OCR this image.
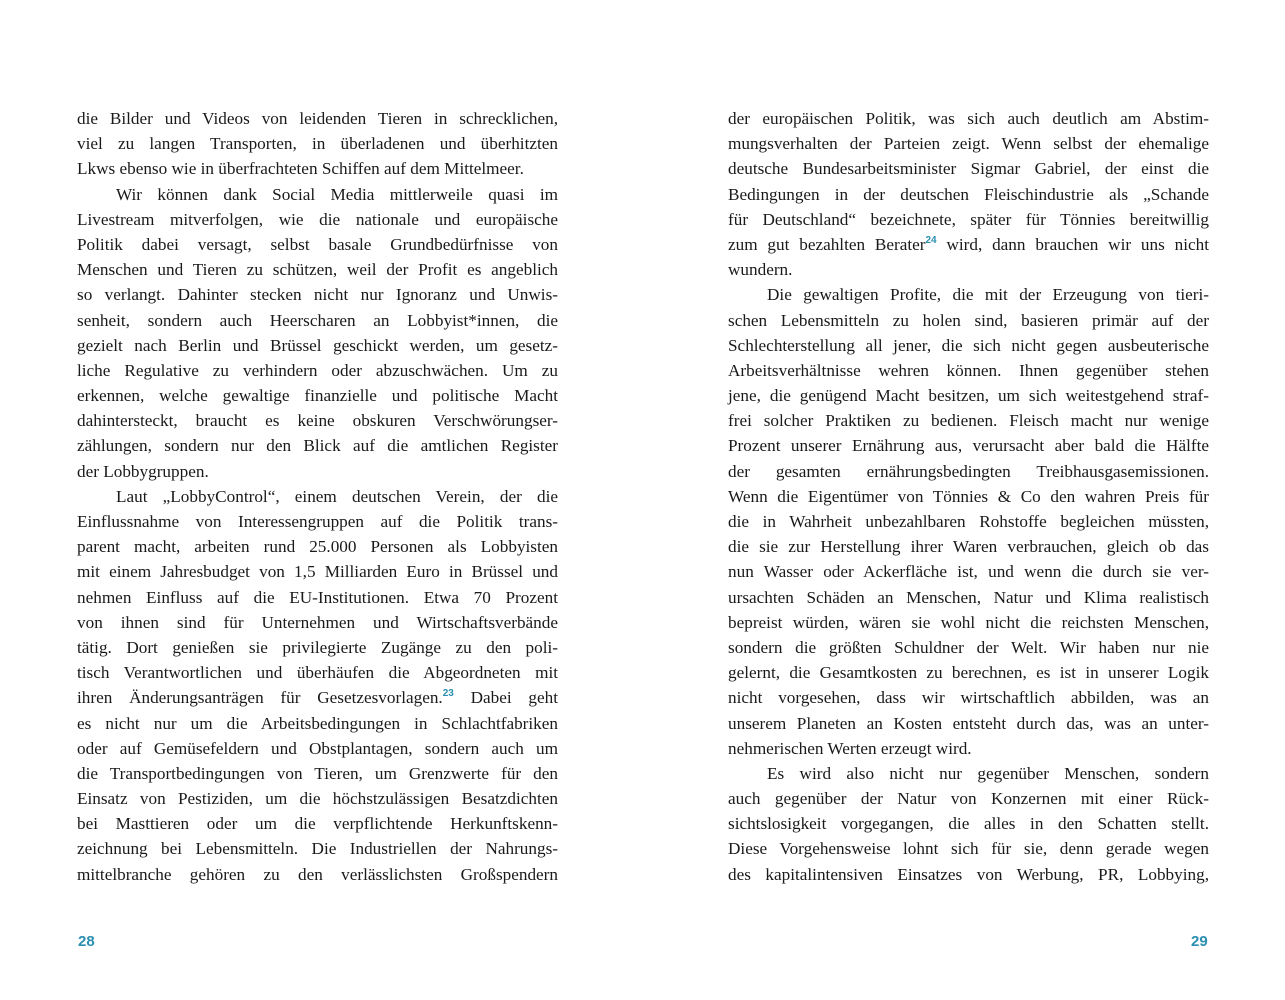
die Bilder und Videos von leidenden Tieren in schrecklichen,
viel zu langen Transporten, in überladenen und überhitzten
Lkws ebenso wie in überfrachteten Schiffen auf dem Mittelmeer.
Wir können dank Social Media mittlerweile quasi im
Livestream mitverfolgen, wie die nationale und europäische
Politik dabei versagt, selbst basale Grundbedürfnisse von
Menschen und Tieren zu schützen, weil der Profit es angeblich
so verlangt. Dahinter stecken nicht nur Ignoranz und Unwis-
senheit, sondern auch Heerscharen an Lobbyist*innen, die
gezielt nach Berlin und Brüssel geschickt werden, um gesetz-
liche Regulative zu verhindern oder abzuschwächen. Um zu
erkennen, welche gewaltige finanzielle und politische Macht
dahintersteckt, braucht es keine obskuren Verschwörungser-
zählungen, sondern nur den Blick auf die amtlichen Register
der Lobbygruppen.
Laut „LobbyControl“, einem deutschen Verein, der die
Einflussnahme von Interessengruppen auf die Politik trans-
parent macht, arbeiten rund 25.000 Personen als Lobbyisten
mit einem Jahresbudget von 1,5 Milliarden Euro in Brüssel und
nehmen Einfluss auf die EU-Institutionen. Etwa 70 Prozent
von ihnen sind für Unternehmen und Wirtschaftsverbände
tätig. Dort genießen sie privilegierte Zugänge zu den poli-
tisch Verantwortlichen und überhäufen die Abgeordneten mit
ihren Änderungsanträgen für Gesetzesvorlagen.$^{23}$ Dabei geht
es nicht nur um die Arbeitsbedingungen in Schlachtfabriken
oder auf Gemüsefeldern und Obstplantagen, sondern auch um
die Transportbedingungen von Tieren, um Grenzwerte für den
Einsatz von Pestiziden, um die höchstzulässigen Besatzdichten
bei Masttieren oder um die verpflichtende Herkunftskenn-
zeichnung bei Lebensmitteln. Die Industriellen der Nahrungs-
mittelbranche gehören zu den verlässlichsten Großspendern
der europäischen Politik, was sich auch deutlich am Abstim-
mungsverhalten der Parteien zeigt. Wenn selbst der ehemalige
deutsche Bundesarbeitsminister Sigmar Gabriel, der einst die
Bedingungen in der deutschen Fleischindustrie als „Schande
für Deutschland“ bezeichnete, später für Tönnies bereitwillig
zum gut bezahlten Berater$^{24}$ wird, dann brauchen wir uns nicht
wundern.
Die gewaltigen Profite, die mit der Erzeugung von tieri-
schen Lebensmitteln zu holen sind, basieren primär auf der
Schlechterstellung all jener, die sich nicht gegen ausbeuterische
Arbeitsverhältnisse wehren können. Ihnen gegenüber stehen
jene, die genügend Macht besitzen, um sich weitestgehend straf-
frei solcher Praktiken zu bedienen. Fleisch macht nur wenige
Prozent unserer Ernährung aus, verursacht aber bald die Hälfte
der gesamten ernährungsbedingten Treibhausgasemissionen.
Wenn die Eigentümer von Tönnies & Co den wahren Preis für
die in Wahrheit unbezahlbaren Rohstoffe begleichen müssten,
die sie zur Herstellung ihrer Waren verbrauchen, gleich ob das
nun Wasser oder Ackerfläche ist, und wenn die durch sie ver-
ursachten Schäden an Menschen, Natur und Klima realistisch
bepreist würden, wären sie wohl nicht die reichsten Menschen,
sondern die größten Schuldner der Welt. Wir haben nur nie
gelernt, die Gesamtkosten zu berechnen, es ist in unserer Logik
nicht vorgesehen, dass wir wirtschaftlich abbilden, was an
unserem Planeten an Kosten entsteht durch das, was an unter-
nehmerischen Werten erzeugt wird.
Es wird also nicht nur gegenüber Menschen, sondern
auch gegenüber der Natur von Konzernen mit einer Rück-
sichtslosigkeit vorgegangen, die alles in den Schatten stellt.
Diese Vorgehensweise lohnt sich für sie, denn gerade wegen
des kapitalintensiven Einsatzes von Werbung, PR, Lobbying,
28	29
